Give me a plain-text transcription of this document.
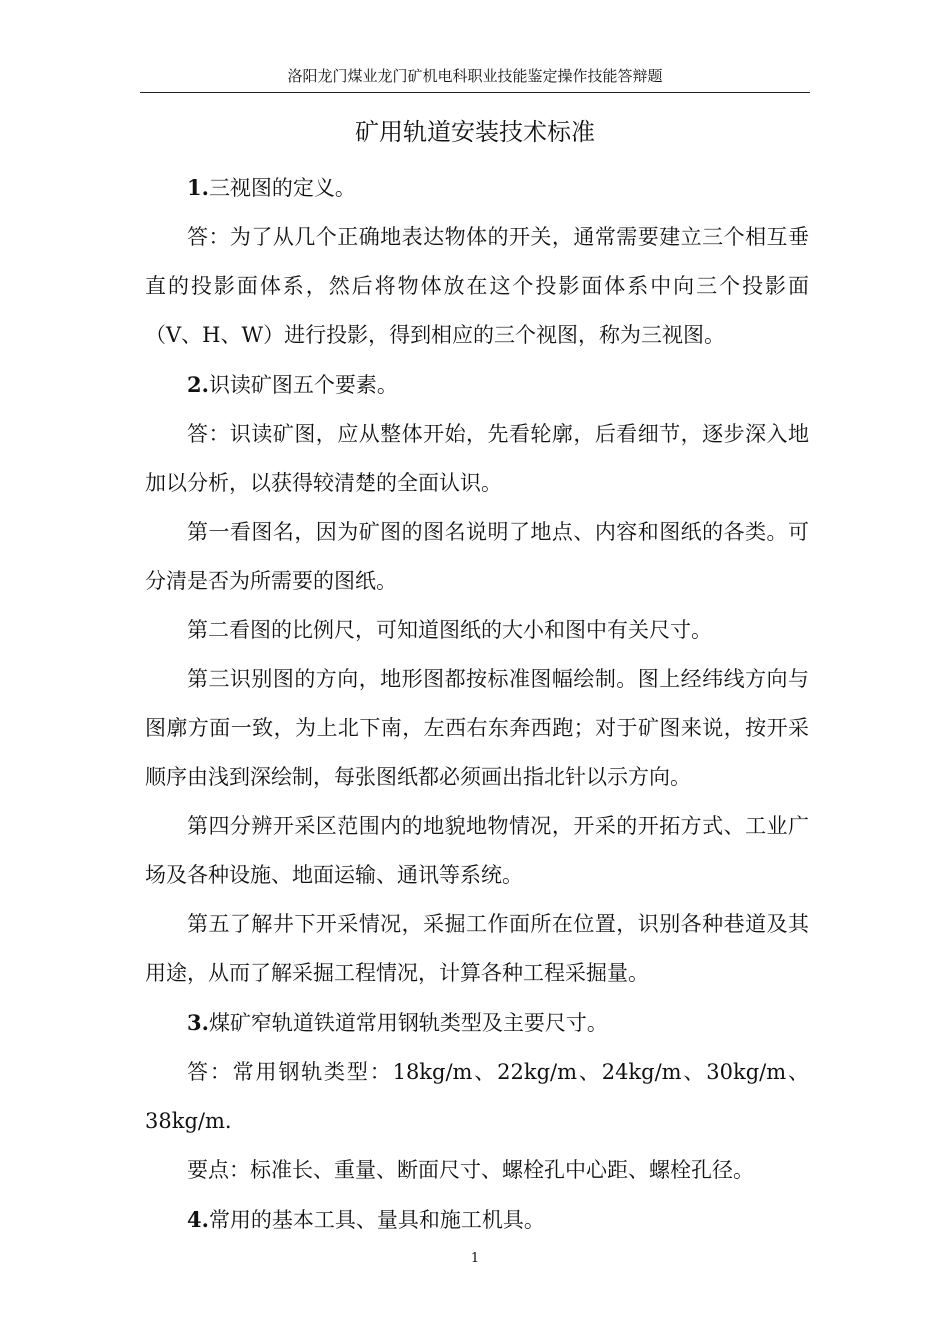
洛阳龙门煤业龙门矿机电科职业技能鉴定操作技能答辩题
矿用轨道安装技术标准

1.三视图的定义。

答：为了从几个正确地表达物体的开关，通常需要建立三个相互垂直的投影面体系，然后将物体放在这个投影面体系中向三个投影面（V、H、W）进行投影，得到相应的三个视图，称为三视图。

2.识读矿图五个要素。

答：识读矿图，应从整体开始，先看轮廓，后看细节，逐步深入地加以分析，以获得较清楚的全面认识。

第一看图名，因为矿图的图名说明了地点、内容和图纸的各类。可分清是否为所需要的图纸。

第二看图的比例尺，可知道图纸的大小和图中有关尺寸。

第三识别图的方向，地形图都按标准图幅绘制。图上经纬线方向与图廓方面一致，为上北下南，左西右东奔西跑；对于矿图来说，按开采顺序由浅到深绘制，每张图纸都必须画出指北针以示方向。

第四分辨开采区范围内的地貌地物情况，开采的开拓方式、工业广场及各种设施、地面运输、通讯等系统。

第五了解井下开采情况，采掘工作面所在位置，识别各种巷道及其用途，从而了解采掘工程情况，计算各种工程采掘量。

3.煤矿窄轨道铁道常用钢轨类型及主要尺寸。

答：常用钢轨类型：18kg/m、22kg/m、24kg/m、30kg/m、38kg/m.

要点：标准长、重量、断面尺寸、螺栓孔中心距、螺栓孔径。

4.常用的基本工具、量具和施工机具。

1
